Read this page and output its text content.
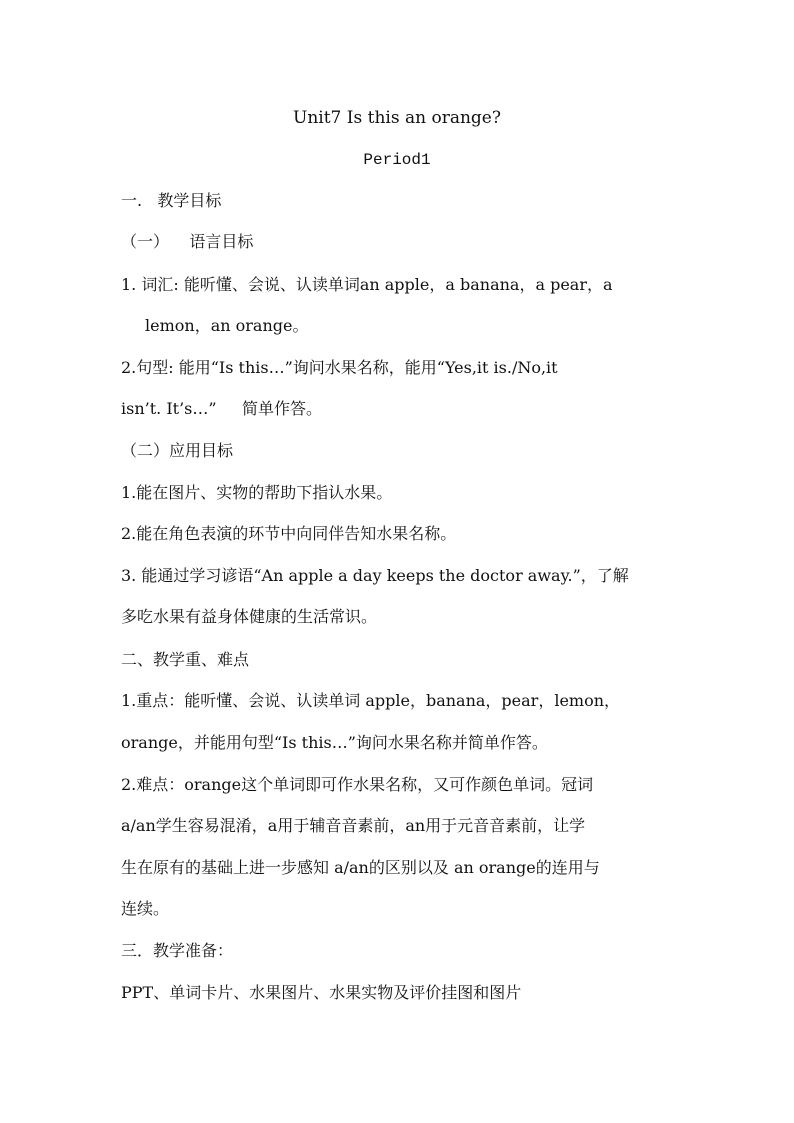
Unit7 Is this an orange?
Period1
一.   教学目标
（一）    语言目标
1. 词汇: 能听懂、会说、认读单词an apple，a banana，a pear，a
lemon，an orange。
2.句型: 能用“Is this…”询问水果名称，能用“Yes,it is./No,it
isn’t. It’s…”     简单作答。
（二）应用目标
1.能在图片、实物的帮助下指认水果。
2.能在角色表演的环节中向同伴告知水果名称。
3. 能通过学习谚语“An apple a day keeps the doctor away.”，了解
多吃水果有益身体健康的生活常识。
二、教学重、难点
1.重点：能听懂、会说、认读单词 apple，banana，pear，lemon，
orange，并能用句型“Is this…”询问水果名称并简单作答。
2.难点：orange这个单词即可作水果名称，又可作颜色单词。冠词
a/an学生容易混淆，a用于辅音音素前，an用于元音音素前，让学
生在原有的基础上进一步感知 a/an的区别以及 an orange的连用与
连续。
三．教学准备：
PPT、单词卡片、水果图片、水果实物及评价挂图和图片
